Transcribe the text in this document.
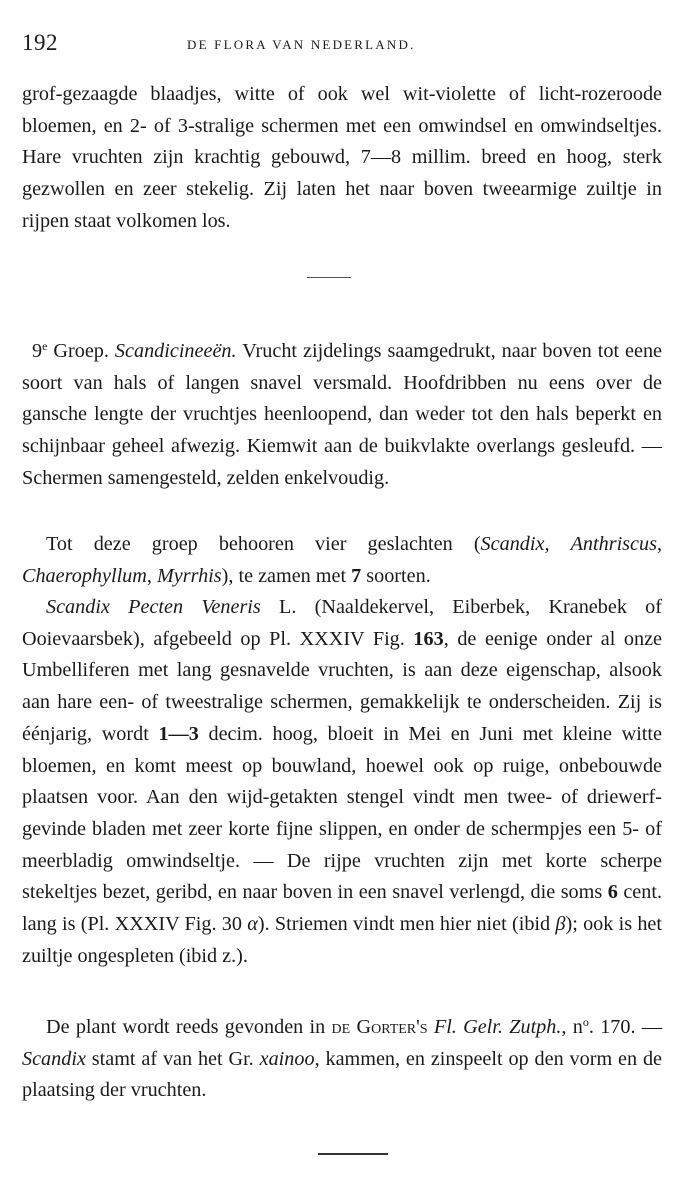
192	DE FLORA VAN NEDERLAND.

grof-gezaagde blaadjes, witte of ook wel wit-violette of licht-rozeroode bloemen, en 2- of 3-stralige schermen met een omwindsel en omwindseltjes. Hare vruchten zijn krachtig gebouwd, 7—8 millim. breed en hoog, sterk gezwollen en zeer stekelig. Zij laten het naar boven tweearmige zuiltje in rijpen staat volkomen los.

9e Groep. Scandicineeën. Vrucht zijdelings saamgedrukt, naar boven tot eene soort van hals of langen snavel versmald. Hoofdribben nu eens over de gansche lengte der vruchtjes heenloopend, dan weder tot den hals beperkt en schijnbaar geheel afwezig. Kiemwit aan de buikvlakte overlangs gesleufd. — Schermen samengesteld, zelden enkelvoudig.

Tot deze groep behooren vier geslachten (Scandix, Anthriscus, Chaerophyllum, Myrrhis), te zamen met 7 soorten.

Scandix Pecten Veneris L. (Naaldekervel, Eiberbek, Kranebek of Ooievaarsbek), afgebeeld op Pl. XXXIV Fig. 163, de eenige onder al onze Umbelliferen met lang gesnavelde vruchten, is aan deze eigenschap, alsook aan hare een- of tweestralige schermen, gemakkelijk te onderscheiden. Zij is éénjarig, wordt 1—3 decim. hoog, bloeit in Mei en Juni met kleine witte bloemen, en komt meest op bouwland, hoewel ook op ruige, onbebouwde plaatsen voor. Aan den wijd-getakten stengel vindt men twee- of driewerf-gevinde bladen met zeer korte fijne slippen, en onder de schermpjes een 5- of meerbladig omwindseltje. — De rijpe vruchten zijn met korte scherpe stekeltjes bezet, geribd, en naar boven in een snavel verlengd, die soms 6 cent. lang is (Pl. XXXIV Fig. 30 α). Striemen vindt men hier niet (ibid β); ook is het zuiltje ongespleten (ibid z.).

De plant wordt reeds gevonden in de Gorter's Fl. Gelr. Zutph., $n^o$. 170. — Scandix stamt af van het Gr. xainoo, kammen, en zinspeelt op den vorm en de plaatsing der vruchten.
